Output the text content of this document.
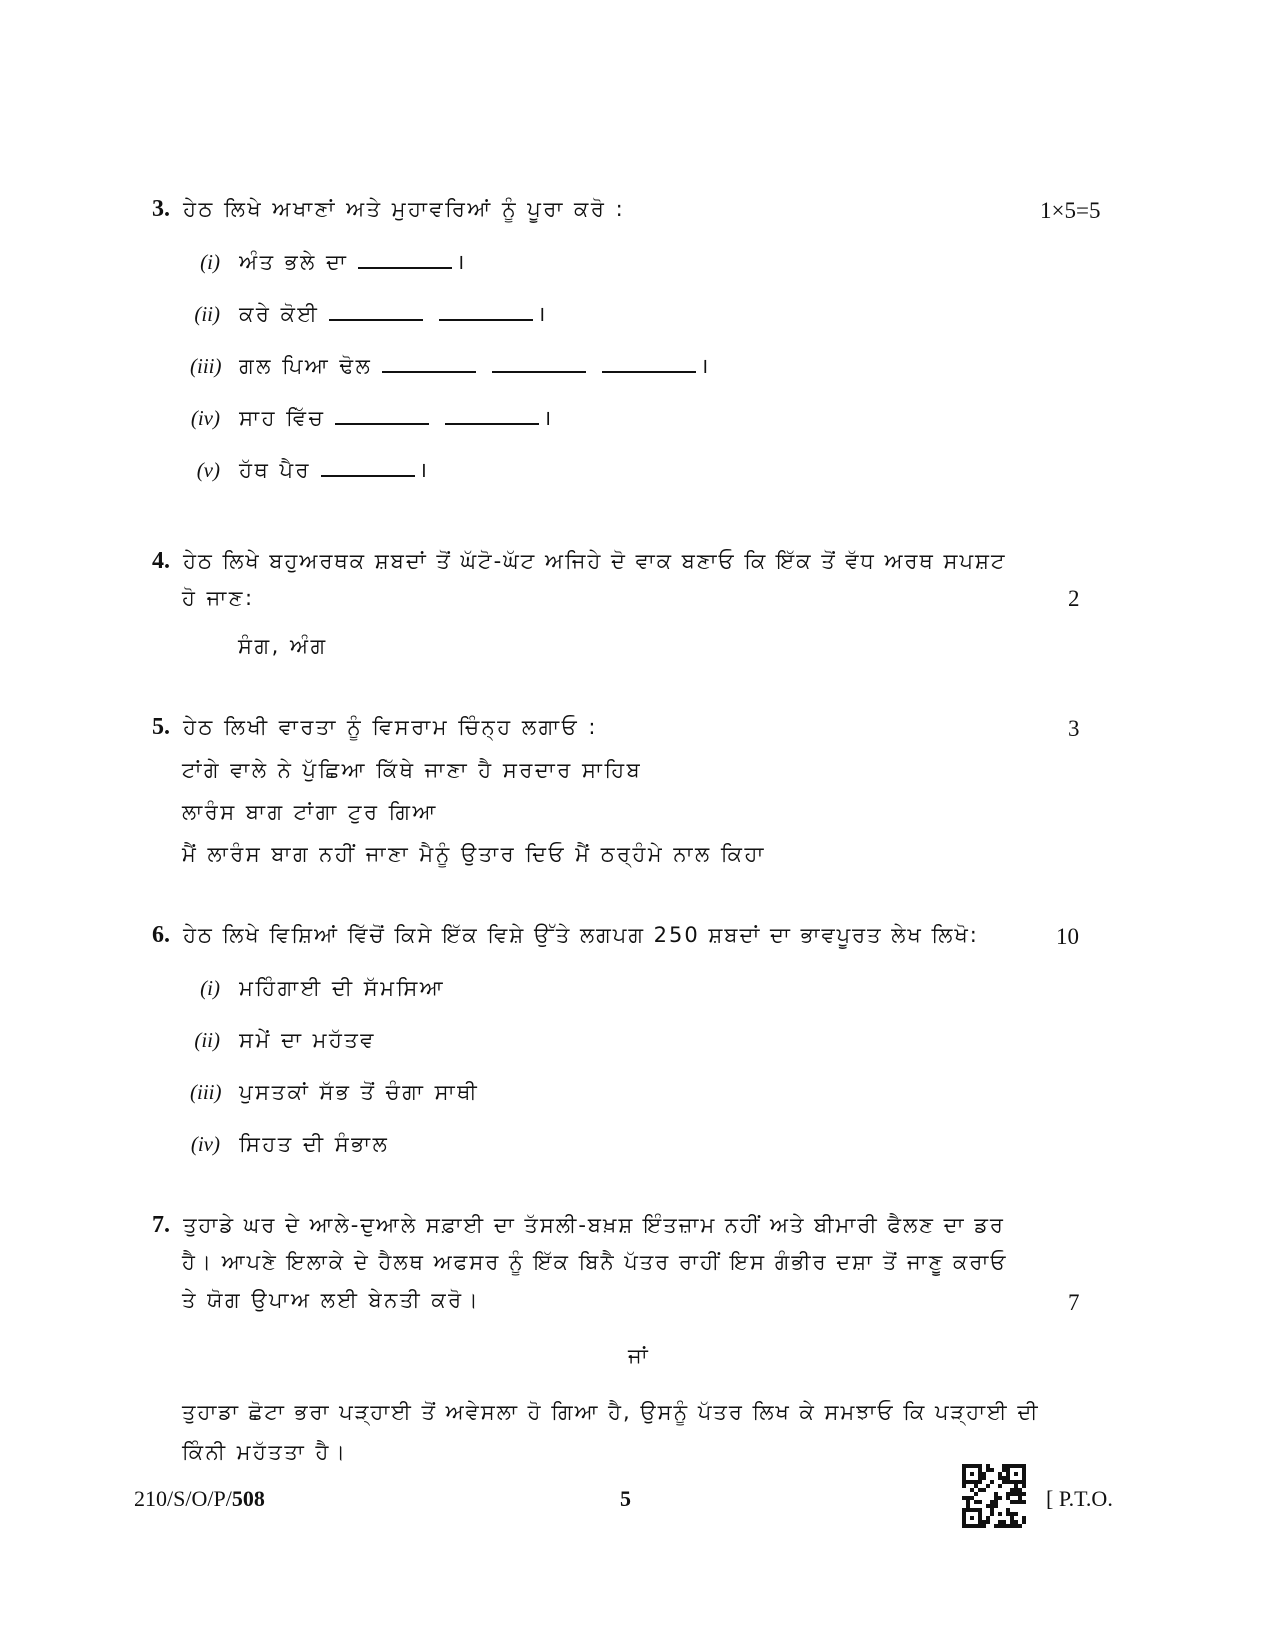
3. ਹੇਠ ਲਿਖੇ ਅਖਾਣਾਂ ਅਤੇ ਮੁਹਾਵਰਿਆਂ ਨੂੰ ਪੂਰਾ ਕਰੋ :	1×5=5
(i) ਅੰਤ ਭਲੇ ਦਾ	।
(ii) ਕਰੇ ਕੋਈ	।
(iii) ਗਲ ਪਿਆ ਢੋਲ	।
(iv) ਸਾਹ ਵਿੱਚ	।
(v) ਹੱਥ ਪੈਰ	।
4. ਹੇਠ ਲਿਖੇ ਬਹੁਅਰਥਕ ਸ਼ਬਦਾਂ ਤੋਂ ਘੱਟੋ-ਘੱਟ ਅਜਿਹੇ ਦੋ ਵਾਕ ਬਣਾਓ ਕਿ ਇੱਕ ਤੋਂ ਵੱਧ ਅਰਥ ਸਪਸ਼ਟ
ਹੋ ਜਾਣ:	2
ਸੰਗ, ਅੰਗ
5. ਹੇਠ ਲਿਖੀ ਵਾਰਤਾ ਨੂੰ ਵਿਸਰਾਮ ਚਿੰਨ੍ਹ ਲਗਾਓ :	3
ਟਾਂਗੇ ਵਾਲੇ ਨੇ ਪੁੱਛਿਆ ਕਿੱਥੇ ਜਾਣਾ ਹੈ ਸਰਦਾਰ ਸਾਹਿਬ
ਲਾਰੰਸ ਬਾਗ ਟਾਂਗਾ ਟੁਰ ਗਿਆ
ਮੈਂ ਲਾਰੰਸ ਬਾਗ ਨਹੀਂ ਜਾਣਾ ਮੈਨੂੰ ਉਤਾਰ ਦਿਓ ਮੈਂ ਠਰ੍ਹੰਮੇ ਨਾਲ ਕਿਹਾ
6. ਹੇਠ ਲਿਖੇ ਵਿਸ਼ਿਆਂ ਵਿੱਚੋਂ ਕਿਸੇ ਇੱਕ ਵਿਸ਼ੇ ਉੱਤੇ ਲਗਪਗ 250 ਸ਼ਬਦਾਂ ਦਾ ਭਾਵਪੂਰਤ ਲੇਖ ਲਿਖੋ:	10
(i) ਮਹਿੰਗਾਈ ਦੀ ਸੱਮਸਿਆ
(ii) ਸਮੇਂ ਦਾ ਮਹੱਤਵ
(iii) ਪੁਸਤਕਾਂ ਸੱਭ ਤੋਂ ਚੰਗਾ ਸਾਥੀ
(iv) ਸਿਹਤ ਦੀ ਸੰਭਾਲ
7. ਤੁਹਾਡੇ ਘਰ ਦੇ ਆਲੇ-ਦੁਆਲੇ ਸਫ਼ਾਈ ਦਾ ਤੱਸਲੀ-ਬਖ਼ਸ਼ ਇੰਤਜ਼ਾਮ ਨਹੀਂ ਅਤੇ ਬੀਮਾਰੀ ਫੈਲਣ ਦਾ ਡਰ
ਹੈ। ਆਪਣੇ ਇਲਾਕੇ ਦੇ ਹੈਲਥ ਅਫਸਰ ਨੂੰ ਇੱਕ ਬਿਨੈ ਪੱਤਰ ਰਾਹੀਂ ਇਸ ਗੰਭੀਰ ਦਸ਼ਾ ਤੋਂ ਜਾਣੂ ਕਰਾਓ
ਤੇ ਯੋਗ ਉਪਾਅ ਲਈ ਬੇਨਤੀ ਕਰੋ।	7
ਜਾਂ
ਤੁਹਾਡਾ ਛੋਟਾ ਭਰਾ ਪੜ੍ਹਾਈ ਤੋਂ ਅਵੇਸਲਾ ਹੋ ਗਿਆ ਹੈ, ਉਸਨੂੰ ਪੱਤਰ ਲਿਖ ਕੇ ਸਮਝਾਓ ਕਿ ਪੜ੍ਹਾਈ ਦੀ
ਕਿੰਨੀ ਮਹੱਤਤਾ ਹੈ।
210/S/O/P/508	5	[ P.T.O.
